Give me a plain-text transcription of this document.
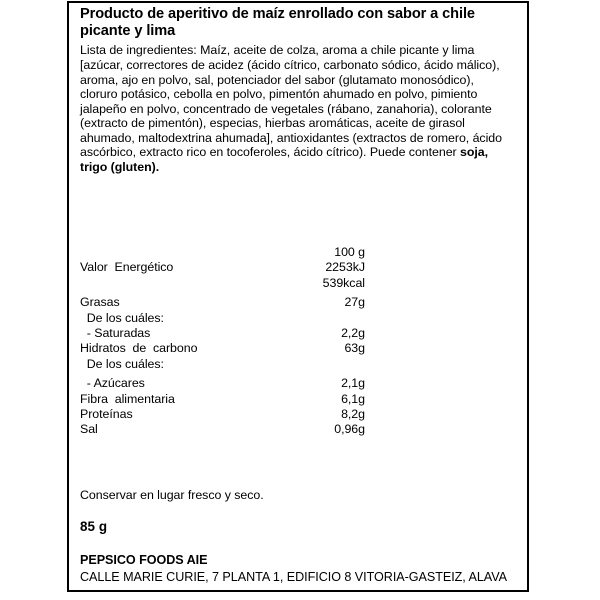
Producto de aperitivo de maíz enrollado con sabor a chile picante y lima

Lista de ingredientes: Maíz, aceite de colza, aroma a chile picante y lima [azúcar, correctores de acidez (ácido cítrico, carbonato sódico, ácido málico), aroma, ajo en polvo, sal, potenciador del sabor (glutamato monosódico), cloruro potásico, cebolla en polvo, pimentón ahumado en polvo, pimiento jalapeño en polvo, concentrado de vegetales (rábano, zanahoria), colorante (extracto de pimentón), especias, hierbas aromáticas, aceite de girasol ahumado, maltodextrina ahumada], antioxidantes (extractos de romero, ácido ascórbico, extracto rico en tocoferoles, ácido cítrico). Puede contener soja, trigo (gluten).

	100 g
Valor  Energético	2253kJ
	539kcal

Grasas	27g
De los cuáles:	
- Saturadas	2,2g
Hidratos  de  carbono	63g
De los cuáles:	

- Azúcares	2,1g
Fibra  alimentaria	6,1g
Proteínas	8,2g
Sal	0,96g
Conservar en lugar fresco y seco.
85 g
PEPSICO FOODS AIE
CALLE MARIE CURIE, 7 PLANTA 1, EDIFICIO 8 VITORIA-GASTEIZ, ALAVA
